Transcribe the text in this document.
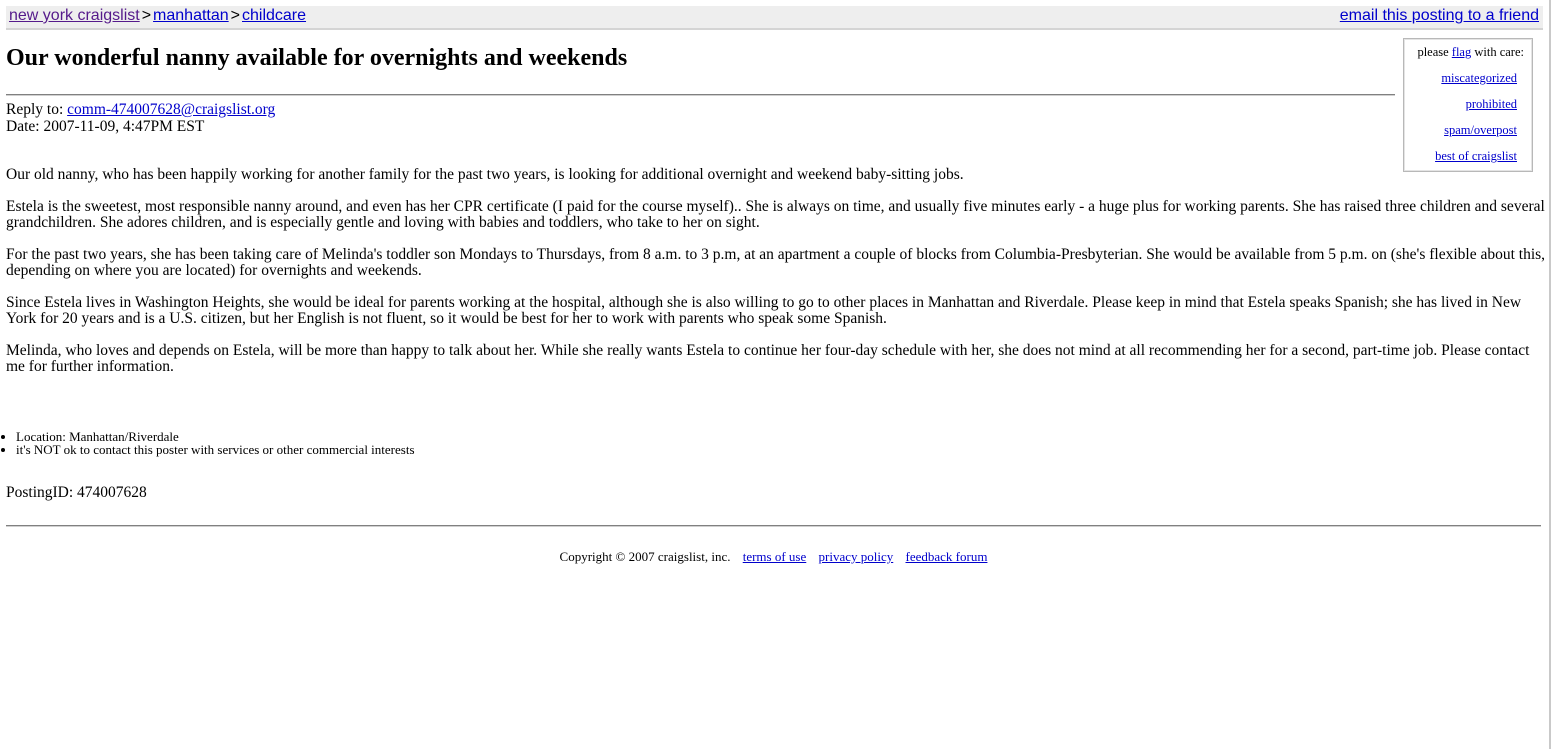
new york craigslist > manhattan > childcare	email this posting to a friend
Our wonderful nanny available for overnights and weekends	please flag with care:
miscategorized
prohibited
spam/overpost
best of craigslist
Reply to: comm-474007628@craigslist.org
Date: 2007-11-09, 4:47PM EST

Our old nanny, who has been happily working for another family for the past two years, is looking for additional overnight and weekend baby-sitting jobs.

Estela is the sweetest, most responsible nanny around, and even has her CPR certificate (I paid for the course myself).. She is always on time, and usually five minutes early - a huge plus for working parents. She has raised three children and several grandchildren. She adores children, and is especially gentle and loving with babies and toddlers, who take to her on sight.

For the past two years, she has been taking care of Melinda's toddler son Mondays to Thursdays, from 8 a.m. to 3 p.m, at an apartment a couple of blocks from Columbia-Presbyterian. She would be available from 5 p.m. on (she's flexible about this, depending on where you are located) for overnights and weekends.

Since Estela lives in Washington Heights, she would be ideal for parents working at the hospital, although she is also willing to go to other places in Manhattan and Riverdale. Please keep in mind that Estela speaks Spanish; she has lived in New York for 20 years and is a U.S. citizen, but her English is not fluent, so it would be best for her to work with parents who speak some Spanish.

Melinda, who loves and depends on Estela, will be more than happy to talk about her. While she really wants Estela to continue her four-day schedule with her, she does not mind at all recommending her for a second, part-time job. Please contact me for further information.

• Location: Manhattan/Riverdale
• it's NOT ok to contact this poster with services or other commercial interests
PostingID: 474007628
Copyright © 2007 craigslist, inc. terms of use privacy policy feedback forum
